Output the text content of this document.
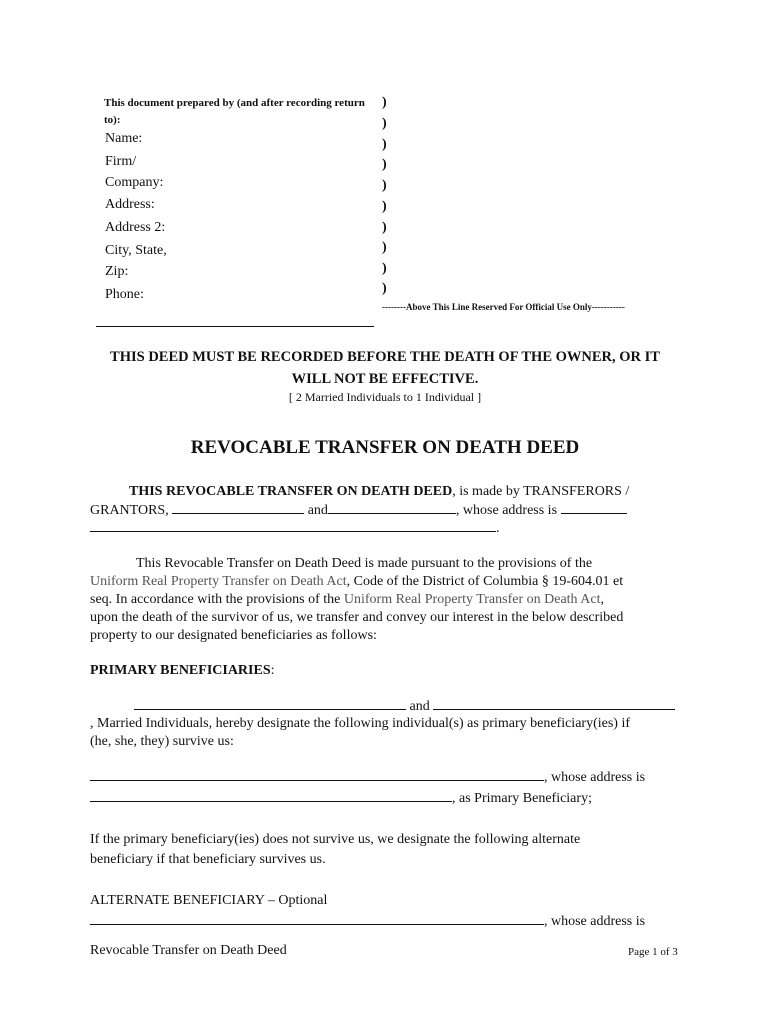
This document prepared by (and after recording return to):
Name:
Firm/
Company:
Address:
Address 2:
City, State,
Zip:
Phone:
)
)
)
)
)
)
)
)
)
)
--------Above This Line Reserved For Official Use Only-----------
THIS DEED MUST BE RECORDED BEFORE THE DEATH OF THE OWNER, OR IT
WILL NOT BE EFFECTIVE.
[ 2 Married Individuals to 1 Individual ]
REVOCABLE TRANSFER ON DEATH DEED
THIS REVOCABLE TRANSFER ON DEATH DEED, is made by TRANSFERORS /
GRANTORS,	and	, whose address is
.
This Revocable Transfer on Death Deed is made pursuant to the provisions of the
Uniform Real Property Transfer on Death Act, Code of the District of Columbia § 19-604.01 et
seq. In accordance with the provisions of the Uniform Real Property Transfer on Death Act,
upon the death of the survivor of us, we transfer and convey our interest in the below described
property to our designated beneficiaries as follows:
PRIMARY BENEFICIARIES:
and
, Married Individuals, hereby designate the following individual(s) as primary beneficiary(ies) if
(he, she, they) survive us:
, whose address is
, as Primary Beneficiary;
If the primary beneficiary(ies) does not survive us, we designate the following alternate
beneficiary if that beneficiary survives us.
ALTERNATE BENEFICIARY – Optional
, whose address is
Revocable Transfer on Death Deed	Page 1 of 3
